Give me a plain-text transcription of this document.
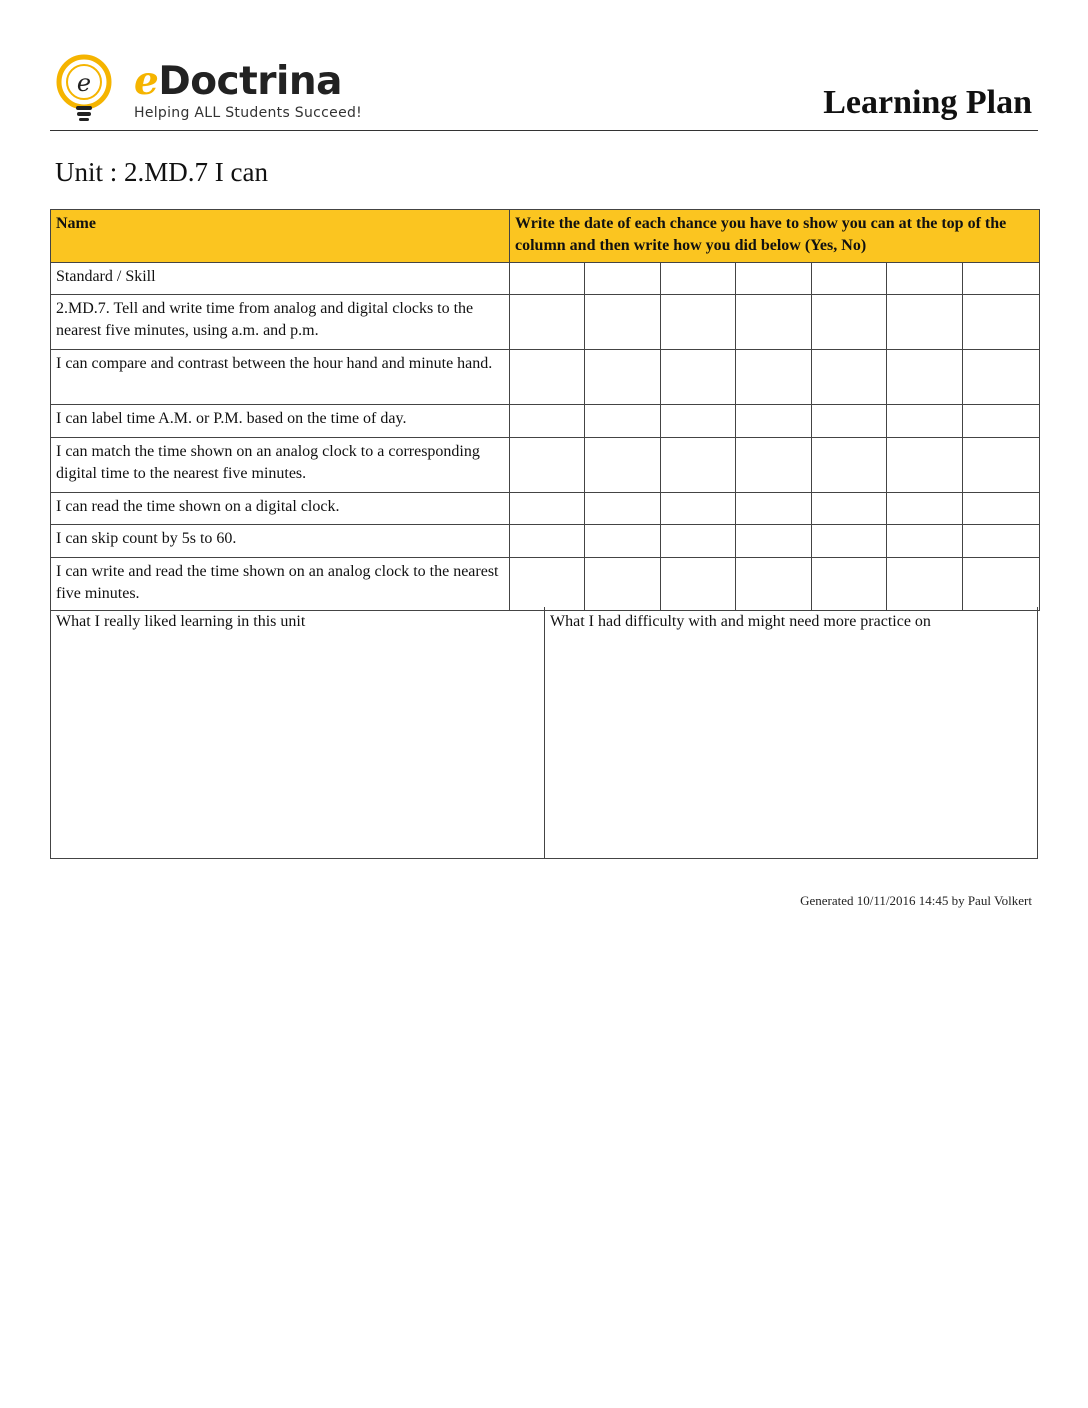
e eDoctrina
Helping ALL Students Succeed!	Learning Plan
Unit : 2.MD.7 I can
Name	Write the date of each chance you have to show you can at the top of the column and then write how you did below (Yes, No)						
Standard / Skill							
2.MD.7. Tell and write time from analog and digital clocks to the nearest five minutes, using a.m. and p.m.							
I can compare and contrast between the hour hand and minute hand.							
I can label time A.M. or P.M. based on the time of day.							
I can match the time shown on an analog clock to a corresponding digital time to the nearest five minutes.							
I can read the time shown on a digital clock.							
I can skip count by 5s to 60.							
I can write and read the time shown on an analog clock to the nearest five minutes.							
What I really liked learning in this unit	What I had difficulty with and might need more practice on
Generated 10/11/2016 14:45 by Paul Volkert
